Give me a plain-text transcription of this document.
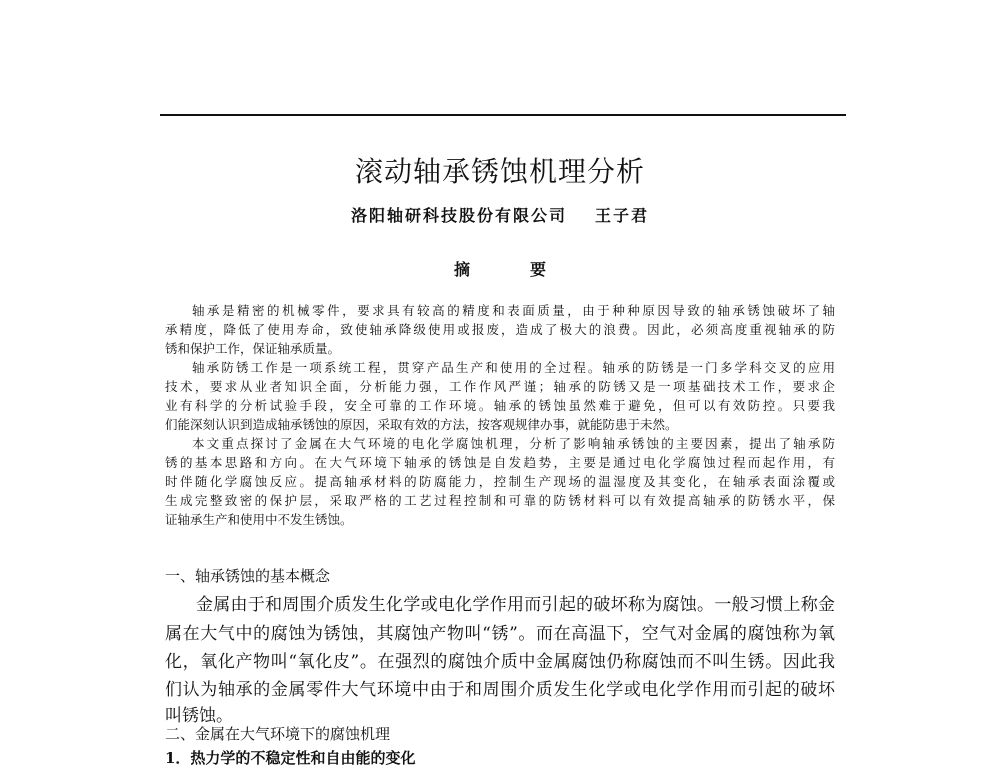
滚动轴承锈蚀机理分析
洛阳轴研科技股份有限公司 王子君
摘　要
轴承是精密的机械零件，要求具有较高的精度和表面质量，由于种种原因导致的轴承锈蚀破坏了轴
承精度，降低了使用寿命，致使轴承降级使用或报废，造成了极大的浪费。因此，必须高度重视轴承的防
锈和保护工作，保证轴承质量。
轴承防锈工作是一项系统工程，贯穿产品生产和使用的全过程。轴承的防锈是一门多学科交叉的应用
技术，要求从业者知识全面，分析能力强，工作作风严谨；轴承的防锈又是一项基础技术工作，要求企
业有科学的分析试验手段，安全可靠的工作环境。轴承的锈蚀虽然难于避免，但可以有效防控。只要我
们能深刻认识到造成轴承锈蚀的原因，采取有效的方法，按客观规律办事，就能防患于未然。
本文重点探讨了金属在大气环境的电化学腐蚀机理，分析了影响轴承锈蚀的主要因素，提出了轴承防
锈的基本思路和方向。在大气环境下轴承的锈蚀是自发趋势，主要是通过电化学腐蚀过程而起作用，有
时伴随化学腐蚀反应。提高轴承材料的防腐能力，控制生产现场的温湿度及其变化，在轴承表面涂覆或
生成完整致密的保护层，采取严格的工艺过程控制和可靠的防锈材料可以有效提高轴承的防锈水平，保
证轴承生产和使用中不发生锈蚀。
一、轴承锈蚀的基本概念
金属由于和周围介质发生化学或电化学作用而引起的破坏称为腐蚀。一般习惯上称金
属在大气中的腐蚀为锈蚀，其腐蚀产物叫“锈”。而在高温下，空气对金属的腐蚀称为氧
化，氧化产物叫“氧化皮”。在强烈的腐蚀介质中金属腐蚀仍称腐蚀而不叫生锈。因此我
们认为轴承的金属零件大气环境中由于和周围介质发生化学或电化学作用而引起的破坏
叫锈蚀。
二、金属在大气环境下的腐蚀机理
1．热力学的不稳定性和自由能的变化
